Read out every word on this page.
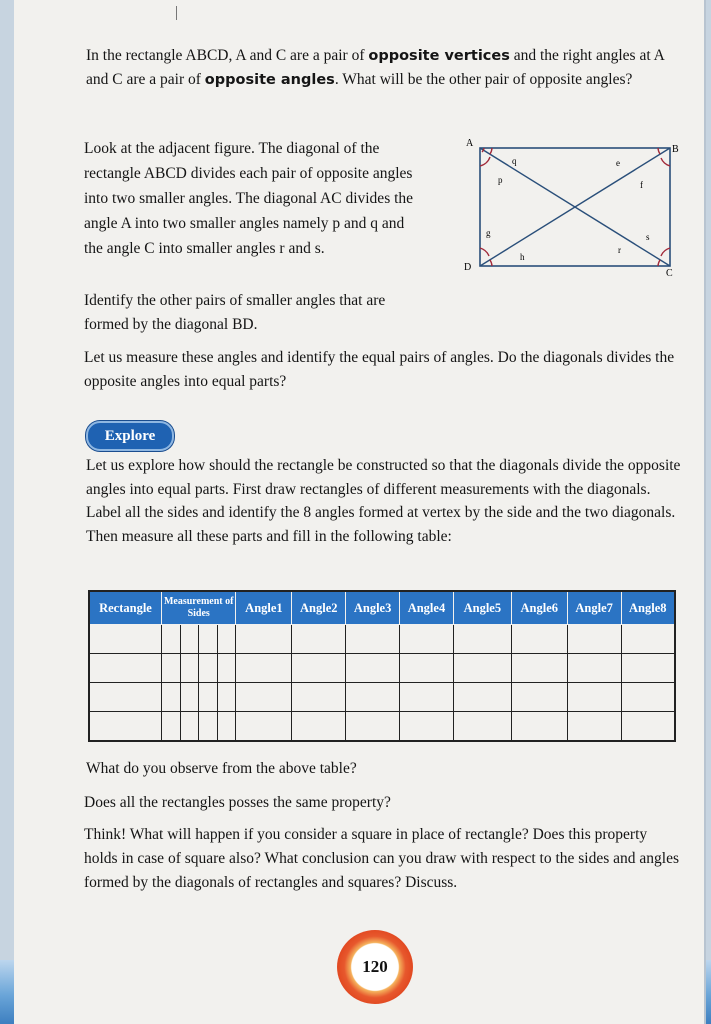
In the rectangle ABCD, A and C are a pair of opposite vertices and the right angles at A and C are a pair of opposite angles. What will be the other pair of opposite angles?
Look at the adjacent figure. The diagonal of the rectangle ABCD divides each pair of opposite angles into two smaller angles. The diagonal AC divides the angle A into two smaller angles namely p and q and the angle C into smaller angles r and s.
Identify the other pairs of smaller angles that are formed by the diagonal BD.
Let us measure these angles and identify the equal pairs of angles. Do the diagonals divides the opposite angles into equal parts?
A
B
C
D
p
q
r
s
e
f
g
h
Explore
Let us explore how should the rectangle be constructed so that the diagonals divide the opposite angles into equal parts. First draw rectangles of different measurements with the diagonals. Label all the sides and identify the 8 angles formed at vertex by the side and the two diagonals. Then measure all these parts and fill in the following table:
Rectangle	Measurement of Sides				Angle1	Angle2	Angle3	Angle4	Angle5	Angle6	Angle7	Angle8

What do you observe from the above table?
Does all the rectangles posses the same property?
Think! What will happen if you consider a square in place of rectangle? Does this property holds in case of square also? What conclusion can you draw with respect to the sides and angles formed by the diagonals of rectangles and squares? Discuss.
120
